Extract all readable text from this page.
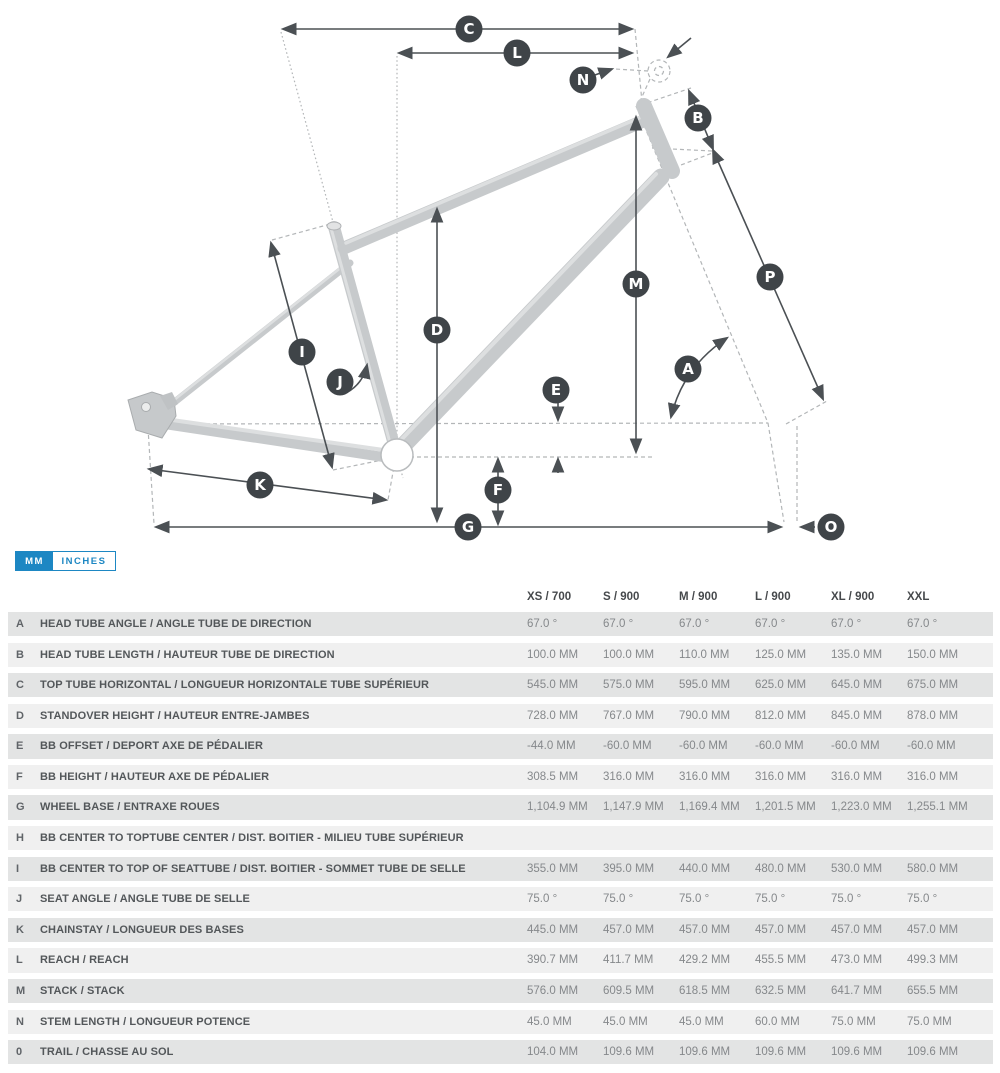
C
L
N
B
P
M
D
I
A
J	E
F
K
G	O
MM	INCHES
XS / 700	S / 900	M / 900	L / 900	XL / 900	XXL
A	HEAD TUBE ANGLE / ANGLE TUBE DE DIRECTION	67.0 °	67.0 °	67.0 °	67.0 °	67.0 °	67.0 °
B	HEAD TUBE LENGTH / HAUTEUR TUBE DE DIRECTION	100.0 MM	100.0 MM	110.0 MM	125.0 MM	135.0 MM	150.0 MM
C	TOP TUBE HORIZONTAL / LONGUEUR HORIZONTALE TUBE SUPÉRIEUR	545.0 MM	575.0 MM	595.0 MM	625.0 MM	645.0 MM	675.0 MM
D	STANDOVER HEIGHT / HAUTEUR ENTRE-JAMBES	728.0 MM	767.0 MM	790.0 MM	812.0 MM	845.0 MM	878.0 MM
E	BB OFFSET / DEPORT AXE DE PÉDALIER	-44.0 MM	-60.0 MM	-60.0 MM	-60.0 MM	-60.0 MM	-60.0 MM
F	BB HEIGHT / HAUTEUR AXE DE PÉDALIER	308.5 MM	316.0 MM	316.0 MM	316.0 MM	316.0 MM	316.0 MM
G	WHEEL BASE / ENTRAXE ROUES	1,104.9 MM	1,147.9 MM	1,169.4 MM	1,201.5 MM	1,223.0 MM	1,255.1 MM
H	BB CENTER TO TOPTUBE CENTER / DIST. BOITIER - MILIEU TUBE SUPÉRIEUR
I	BB CENTER TO TOP OF SEATTUBE / DIST. BOITIER - SOMMET TUBE DE SELLE	355.0 MM	395.0 MM	440.0 MM	480.0 MM	530.0 MM	580.0 MM
J	SEAT ANGLE / ANGLE TUBE DE SELLE	75.0 °	75.0 °	75.0 °	75.0 °	75.0 °	75.0 °
K	CHAINSTAY / LONGUEUR DES BASES	445.0 MM	457.0 MM	457.0 MM	457.0 MM	457.0 MM	457.0 MM
L	REACH / REACH	390.7 MM	411.7 MM	429.2 MM	455.5 MM	473.0 MM	499.3 MM
M	STACK / STACK	576.0 MM	609.5 MM	618.5 MM	632.5 MM	641.7 MM	655.5 MM
N	STEM LENGTH / LONGUEUR POTENCE	45.0 MM	45.0 MM	45.0 MM	60.0 MM	75.0 MM	75.0 MM
0	TRAIL / CHASSE AU SOL	104.0 MM	109.6 MM	109.6 MM	109.6 MM	109.6 MM	109.6 MM
